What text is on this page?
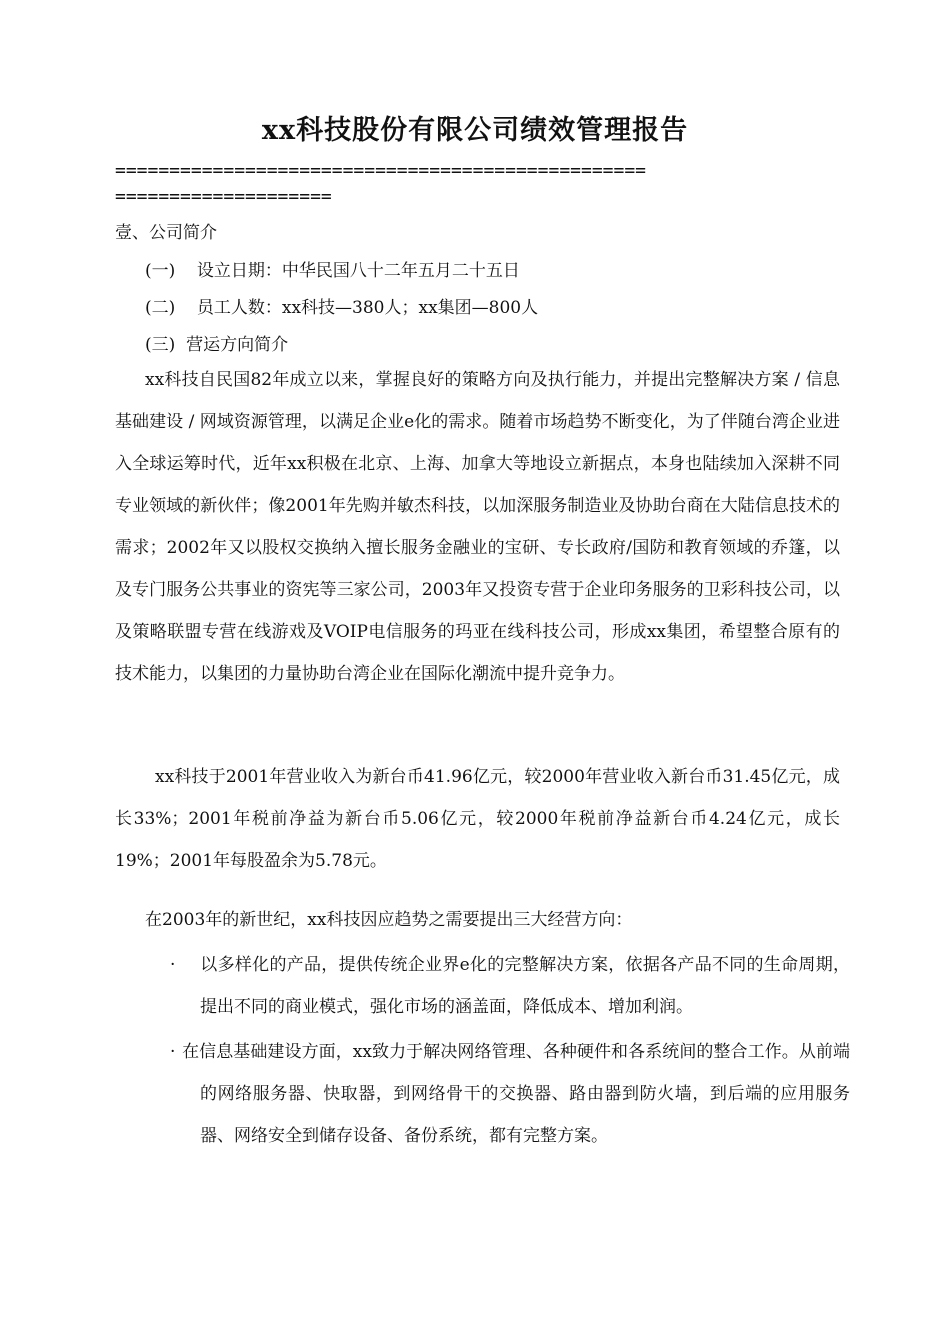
xx科技股份有限公司绩效管理报告
=================================================
====================
壹、公司简介
(一)    设立日期：中华民国八十二年五月二十五日
(二)    员工人数：xx科技—380人；xx集团—800人
(三)  营运方向简介
xx科技自民国82年成立以来，掌握良好的策略方向及执行能力，并提出完整解决方案 / 信息基础建设 / 网域资源管理，以满足企业e化的需求。随着市场趋势不断变化，为了伴随台湾企业进入全球运筹时代，近年xx积极在北京、上海、加拿大等地设立新据点，本身也陆续加入深耕不同专业领域的新伙伴；像2001年先购并敏杰科技，以加深服务制造业及协助台商在大陆信息技术的需求；2002年又以股权交换纳入擅长服务金融业的宝研、专长政府/国防和教育领域的乔篷，以及专门服务公共事业的资宪等三家公司，2003年又投资专营于企业印务服务的卫彩科技公司，以及策略联盟专营在线游戏及VOIP电信服务的玛亚在线科技公司，形成xx集团，希望整合原有的技术能力，以集团的力量协助台湾企业在国际化潮流中提升竞争力。
xx科技于2001年营业收入为新台币41.96亿元，较2000年营业收入新台币31.45亿元，成长33%；2001年税前净益为新台币5.06亿元，较2000年税前净益新台币4.24亿元，成长19%；2001年每股盈余为5.78元。
在2003年的新世纪，xx科技因应趋势之需要提出三大经营方向：
· 以多样化的产品，提供传统企业界e化的完整解决方案，依据各产品不同的生命周期，提出不同的商业模式，强化市场的涵盖面，降低成本、增加利润。
· 在信息基础建设方面，xx致力于解决网络管理、各种硬件和各系统间的整合工作。从前端的网络服务器、快取器，到网络骨干的交换器、路由器到防火墙，到后端的应用服务器、网络安全到储存设备、备份系统，都有完整方案。
